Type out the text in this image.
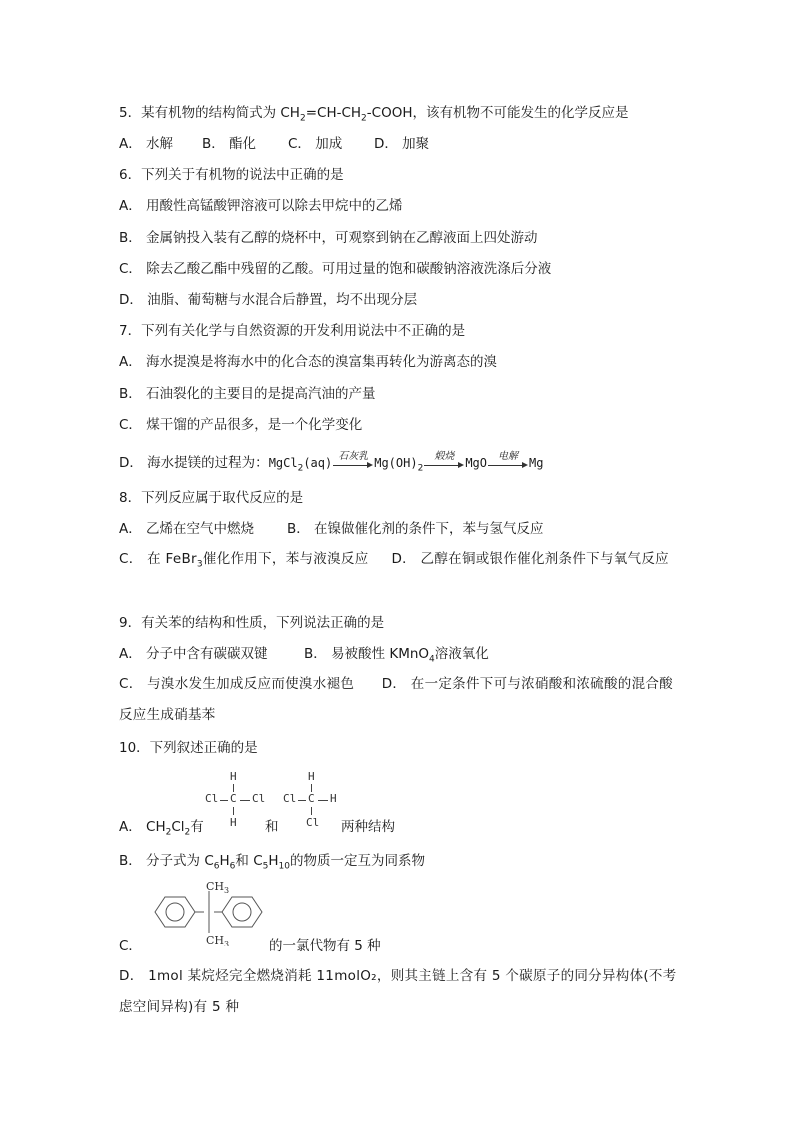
5．某有机物的结构简式为 $CH_2=CH-CH_2$-COOH，该有机物不可能发生的化学反应是
A． 水解 B． 酯化 C． 加成 D． 加聚
6．下列关于有机物的说法中正确的是
A． 用酸性高锰酸钾溶液可以除去甲烷中的乙烯
B． 金属钠投入装有乙醇的烧杯中，可观察到钠在乙醇液面上四处游动
C． 除去乙酸乙酯中残留的乙酸。可用过量的饱和碳酸钠溶液洗涤后分液
D． 油脂、葡萄糖与水混合后静置，均不出现分层
7．下列有关化学与自然资源的开发利用说法中不正确的是
A． 海水提溴是将海水中的化合态的溴富集再转化为游离态的溴
B． 石油裂化的主要目的是提高汽油的产量
C． 煤干馏的产品很多，是一个化学变化
D． 海水提镁的过程为：MgCl$_2$(aq) 石灰乳 $Mg(OH)_2$
煅烧 MgO	电解 Mg
8．下列反应属于取代反应的是
A． 乙烯在空气中燃烧 B． 在镍做催化剂的条件下，苯与氢气反应
C． 在 FeBr$_3$催化作用下，苯与液溴反应 D． 乙醇在铜或银作催化剂条件下与氧气反应
9．有关苯的结构和性质，下列说法正确的是
A． 分子中含有碳碳双键	B． 易被酸性 KMnO$_4$溶液氧化
C． 与溴水发生加成反应而使溴水褪色 D． 在一定条件下可与浓硝酸和浓硫酸的混合酸反应生成硝基苯
10．下列叙述正确的是
H
Cl C Cl
H
H
Cl C H
Cl
A． $CH_2Cl_2$有	和	两种结构
B． 分子式为 $C_6H_6$和 $C_5H_{10}$的物质一定互为同系物
$CH_3$
$CH_3$
C．	的一氯代物有 5 种
D． 1mol 某烷烃完全燃烧消耗 11molO₂，则其主链上含有 5 个碳原子的同分异构体(不考虑空间异构)有 5 种
